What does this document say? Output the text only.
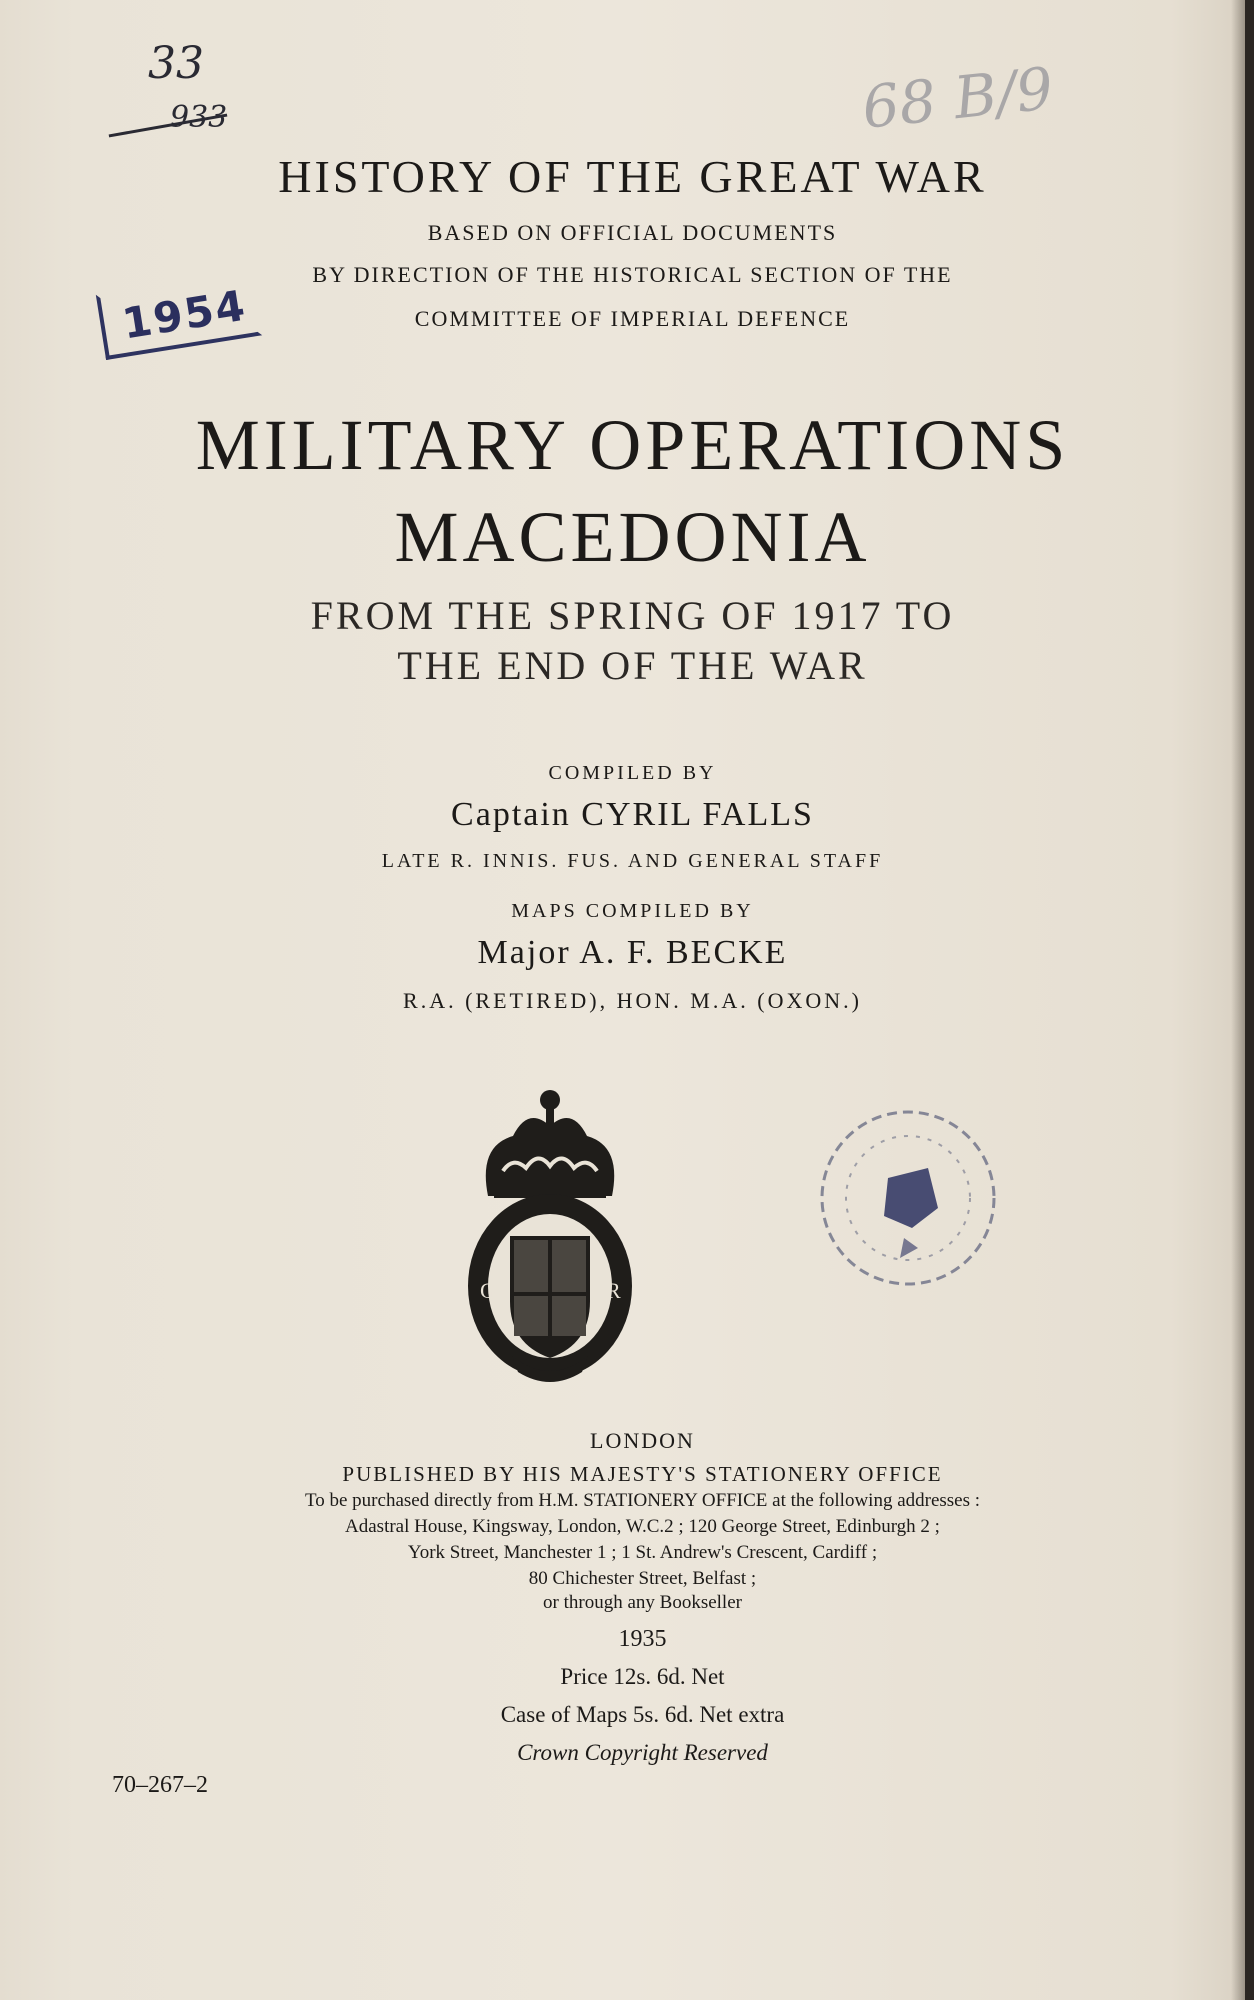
33
933	68 B/9
1954
HISTORY OF THE GREAT WAR
BASED ON OFFICIAL DOCUMENTS
BY DIRECTION OF THE HISTORICAL SECTION OF THE
COMMITTEE OF IMPERIAL DEFENCE
MILITARY OPERATIONS
MACEDONIA
FROM THE SPRING OF 1917 TO
THE END OF THE WAR
COMPILED BY
Captain CYRIL FALLS
LATE R. INNIS. FUS. AND GENERAL STAFF
MAPS COMPILED BY
Major A. F. BECKE
R.A. (RETIRED), HON. M.A. (OXON.)
G	R
LONDON
PUBLISHED BY HIS MAJESTY'S STATIONERY OFFICE
To be purchased directly from H.M. STATIONERY OFFICE at the following addresses :
Adastral House, Kingsway, London, W.C.2 ; 120 George Street, Edinburgh 2 ;
York Street, Manchester 1 ; 1 St. Andrew's Crescent, Cardiff ;
80 Chichester Street, Belfast ;
or through any Bookseller
1935
Price 12s. 6d. Net
Case of Maps 5s. 6d. Net extra
Crown Copyright Reserved
70–267–2
